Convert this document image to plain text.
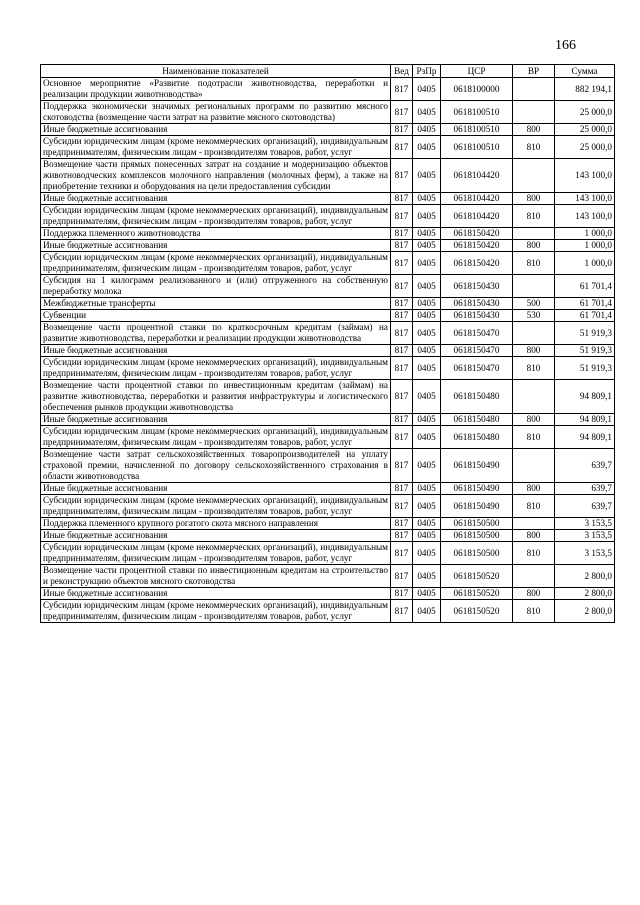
166
Наименование показателей	Вед	РзПр	ЦСР	ВР	Сумма
Основное мероприятие «Развитие подотрасли животноводства, переработки и реализации продукции животноводства»	817	0405	0618100000		882 194,1
Поддержка экономически значимых региональных программ по развитию мясного скотоводства (возмещение части затрат на развитие мясного скотоводства)	817	0405	0618100510		25 000,0
Иные бюджетные ассигнования	817	0405	0618100510	800	25 000,0
Субсидии юридическим лицам (кроме некоммерческих организаций), индивидуальным предпринимателям, физическим лицам - производителям товаров, работ, услуг	817	0405	0618100510	810	25 000,0
Возмещение части прямых понесенных затрат на создание и модернизацию объектов животноводческих комплексов молочного направления (молочных ферм), а также на приобретение техники и оборудования на цели предоставления субсидии	817	0405	0618104420		143 100,0
Иные бюджетные ассигнования	817	0405	0618104420	800	143 100,0
Субсидии юридическим лицам (кроме некоммерческих организаций), индивидуальным предпринимателям, физическим лицам - производителям товаров, работ, услуг	817	0405	0618104420	810	143 100,0
Поддержка племенного животноводства	817	0405	0618150420		1 000,0
Иные бюджетные ассигнования	817	0405	0618150420	800	1 000,0
Субсидии юридическим лицам (кроме некоммерческих организаций), индивидуальным предпринимателям, физическим лицам - производителям товаров, работ, услуг	817	0405	0618150420	810	1 000,0
Субсидия на 1 килограмм реализованного и (или) отгруженного на собственную переработку молока	817	0405	0618150430		61 701,4
Межбюджетные трансферты	817	0405	0618150430	500	61 701,4
Субвенции	817	0405	0618150430	530	61 701,4
Возмещение части процентной ставки по краткосрочным кредитам (займам) на развитие животноводства, переработки и реализации продукции животноводства	817	0405	0618150470		51 919,3
Иные бюджетные ассигнования	817	0405	0618150470	800	51 919,3
Субсидии юридическим лицам (кроме некоммерческих организаций), индивидуальным предпринимателям, физическим лицам - производителям товаров, работ, услуг	817	0405	0618150470	810	51 919,3
Возмещение части процентной ставки по инвестиционным кредитам (займам) на развитие животноводства, переработки и развития инфраструктуры и логистического обеспечения рынков продукции животноводства	817	0405	0618150480		94 809,1
Иные бюджетные ассигнования	817	0405	0618150480	800	94 809,1
Субсидии юридическим лицам (кроме некоммерческих организаций), индивидуальным предпринимателям, физическим лицам - производителям товаров, работ, услуг	817	0405	0618150480	810	94 809,1
Возмещение части затрат сельскохозяйственных товаропроизводителей на уплату страховой премии, начисленной по договору сельскохозяйственного страхования в области животноводства	817	0405	0618150490		639,7
Иные бюджетные ассигнования	817	0405	0618150490	800	639,7
Субсидии юридическим лицам (кроме некоммерческих организаций), индивидуальным предпринимателям, физическим лицам - производителям товаров, работ, услуг	817	0405	0618150490	810	639,7
Поддержка племенного крупного рогатого скота мясного направления	817	0405	0618150500		3 153,5
Иные бюджетные ассигнования	817	0405	0618150500	800	3 153,5
Субсидии юридическим лицам (кроме некоммерческих организаций), индивидуальным предпринимателям, физическим лицам - производителям товаров, работ, услуг	817	0405	0618150500	810	3 153,5
Возмещение части процентной ставки по инвестиционным кредитам на строительство и реконструкцию объектов мясного скотоводства	817	0405	0618150520		2 800,0
Иные бюджетные ассигнования	817	0405	0618150520	800	2 800,0
Субсидии юридическим лицам (кроме некоммерческих организаций), индивидуальным предпринимателям, физическим лицам - производителям товаров, работ, услуг	817	0405	0618150520	810	2 800,0
